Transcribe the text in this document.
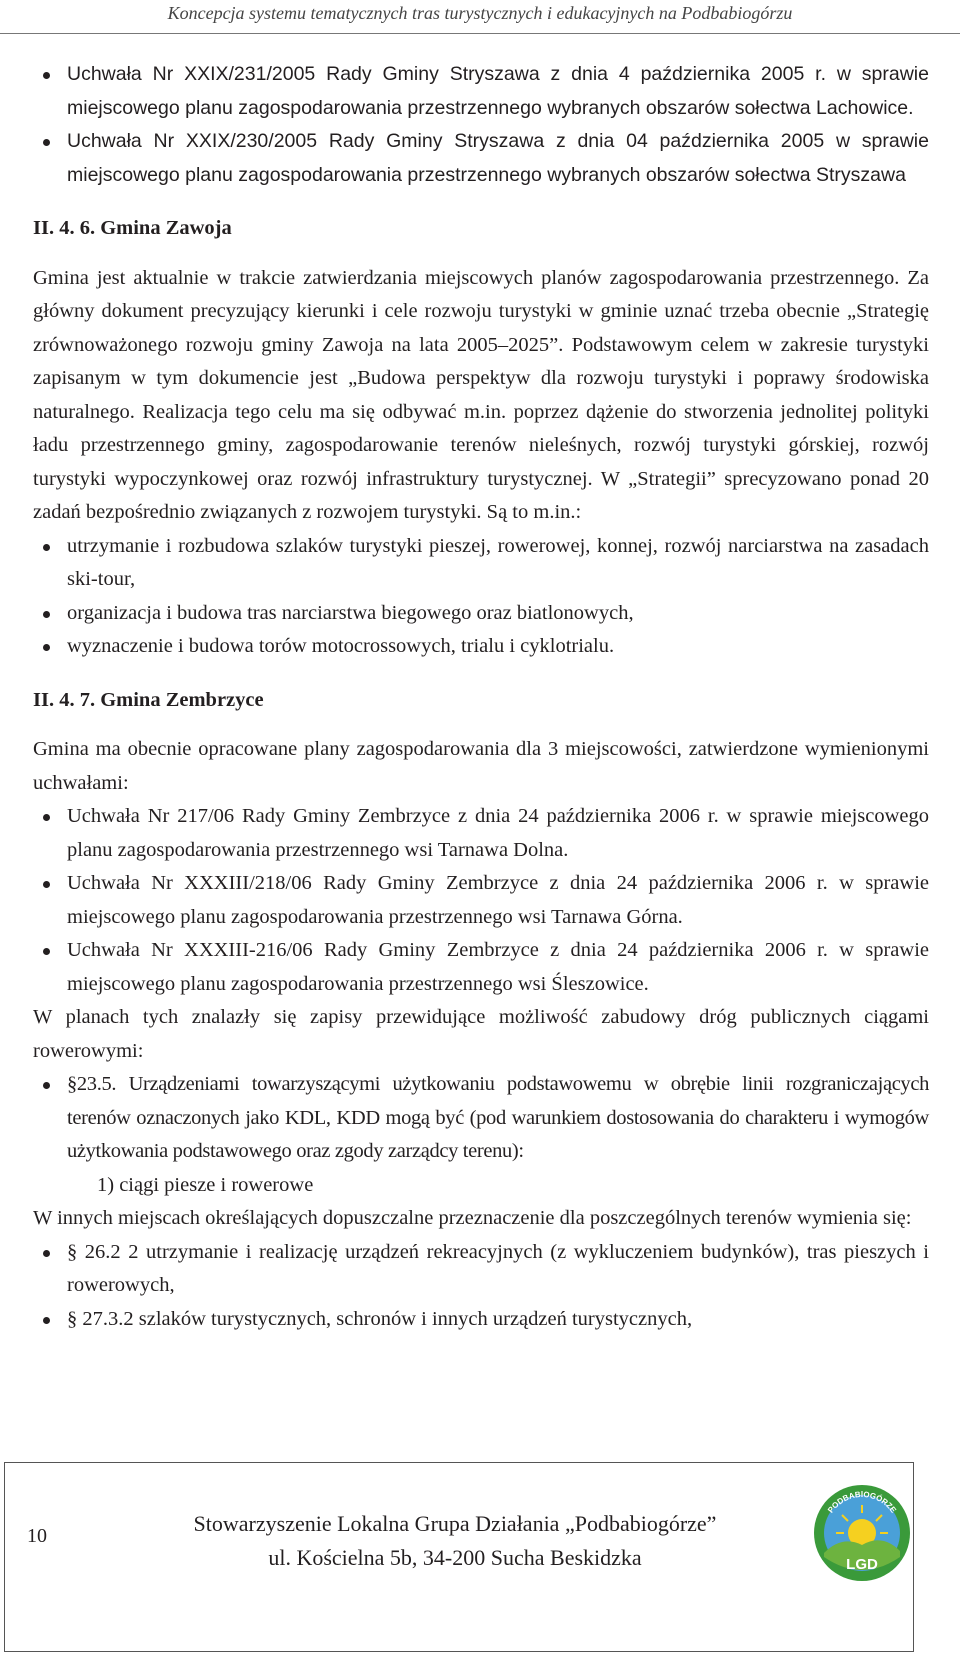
Koncepcja systemu tematycznych tras turystycznych i edukacyjnych na Podbabiogórzu
Uchwała Nr XXIX/231/2005 Rady Gminy Stryszawa z dnia 4 października 2005 r. w sprawie miejscowego planu zagospodarowania przestrzennego wybranych obszarów sołectwa Lachowice.
Uchwała Nr XXIX/230/2005 Rady Gminy Stryszawa z dnia 04 października 2005 w sprawie miejscowego planu zagospodarowania przestrzennego wybranych obszarów sołectwa Stryszawa
II. 4. 6. Gmina Zawoja
Gmina jest aktualnie w trakcie zatwierdzania miejscowych planów zagospodarowania przestrzennego. Za główny dokument precyzujący kierunki i cele rozwoju turystyki w gminie uznać trzeba obecnie „Strategię zrównoważonego rozwoju gminy Zawoja na lata 2005–2025”. Podstawowym celem w zakresie turystyki zapisanym w tym dokumencie jest „Budowa perspektyw dla rozwoju turystyki i poprawy środowiska naturalnego. Realizacja tego celu ma się odbywać m.in. poprzez dążenie do stworzenia jednolitej polityki ładu przestrzennego gminy, zagospodarowanie terenów nieleśnych, rozwój turystyki górskiej, rozwój turystyki wypoczynkowej oraz rozwój infrastruktury turystycznej. W „Strategii” sprecyzowano ponad 20 zadań bezpośrednio związanych z rozwojem turystyki. Są to m.in.:
utrzymanie i rozbudowa szlaków turystyki pieszej, rowerowej, konnej, rozwój narciarstwa na zasadach ski-tour,
organizacja i budowa tras narciarstwa biegowego oraz biatlonowych,
wyznaczenie i budowa torów motocrossowych, trialu i cyklotrialu.
II. 4. 7. Gmina Zembrzyce
Gmina ma obecnie opracowane plany zagospodarowania dla 3 miejscowości, zatwierdzone wymienionymi uchwałami:
Uchwała Nr 217/06 Rady Gminy Zembrzyce z dnia 24 października 2006 r. w sprawie miejscowego planu zagospodarowania przestrzennego wsi Tarnawa Dolna.
Uchwała Nr XXXIII/218/06 Rady Gminy Zembrzyce z dnia 24 października 2006 r. w sprawie miejscowego planu zagospodarowania przestrzennego wsi Tarnawa Górna.
Uchwała Nr XXXIII-216/06 Rady Gminy Zembrzyce z dnia 24 października 2006 r. w sprawie miejscowego planu zagospodarowania przestrzennego wsi Śleszowice.
W planach tych znalazły się zapisy przewidujące możliwość zabudowy dróg publicznych ciągami rowerowymi:
§23.5. Urządzeniami towarzyszącymi użytkowaniu podstawowemu w obrębie linii rozgraniczających terenów oznaczonych jako KDL, KDD mogą być (pod warunkiem dostosowania do charakteru i wymogów użytkowania podstawowego oraz zgody zarządcy terenu):
1) ciągi piesze i rowerowe
W innych miejscach określających dopuszczalne przeznaczenie dla poszczególnych terenów wymienia się:
§ 26.2 2 utrzymanie i realizację urządzeń rekreacyjnych (z wykluczeniem budynków), tras pieszych i rowerowych,
§ 27.3.2 szlaków turystycznych, schronów i innych urządzeń turystycznych,
10	Stowarzyszenie Lokalna Grupa Działania „Podbabiogórze”
ul. Kościelna 5b, 34-200 Sucha Beskidzka
PODBABIOGÓRZE
LGD
